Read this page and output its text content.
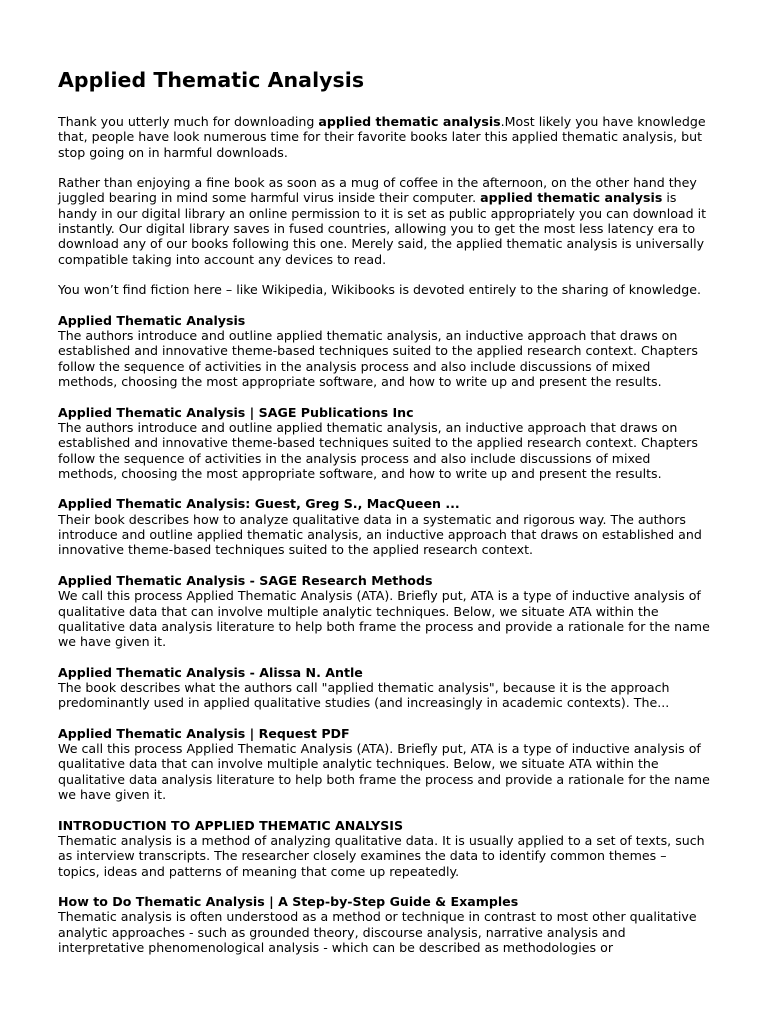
Applied Thematic Analysis

Thank you utterly much for downloading applied thematic analysis.Most likely you have knowledge that, people have look numerous time for their favorite books later this applied thematic analysis, but stop going on in harmful downloads.

Rather than enjoying a fine book as soon as a mug of coffee in the afternoon, on the other hand they juggled bearing in mind some harmful virus inside their computer. applied thematic analysis is handy in our digital library an online permission to it is set as public appropriately you can download it instantly. Our digital library saves in fused countries, allowing you to get the most less latency era to download any of our books following this one. Merely said, the applied thematic analysis is universally compatible taking into account any devices to read.

You won’t find fiction here – like Wikipedia, Wikibooks is devoted entirely to the sharing of knowledge.

Applied Thematic Analysis
The authors introduce and outline applied thematic analysis, an inductive approach that draws on established and innovative theme-based techniques suited to the applied research context. Chapters follow the sequence of activities in the analysis process and also include discussions of mixed methods, choosing the most appropriate software, and how to write up and present the results.

Applied Thematic Analysis | SAGE Publications Inc
The authors introduce and outline applied thematic analysis, an inductive approach that draws on established and innovative theme-based techniques suited to the applied research context. Chapters follow the sequence of activities in the analysis process and also include discussions of mixed methods, choosing the most appropriate software, and how to write up and present the results.

Applied Thematic Analysis: Guest, Greg S., MacQueen ...
Their book describes how to analyze qualitative data in a systematic and rigorous way. The authors introduce and outline applied thematic analysis, an inductive approach that draws on established and innovative theme-based techniques suited to the applied research context.

Applied Thematic Analysis - SAGE Research Methods
We call this process Applied Thematic Analysis (ATA). Briefly put, ATA is a type of inductive analysis of qualitative data that can involve multiple analytic techniques. Below, we situate ATA within the qualitative data analysis literature to help both frame the process and provide a rationale for the name we have given it.

Applied Thematic Analysis - Alissa N. Antle
The book describes what the authors call "applied thematic analysis", because it is the approach predominantly used in applied qualitative studies (and increasingly in academic contexts). The...

Applied Thematic Analysis | Request PDF
We call this process Applied Thematic Analysis (ATA). Briefly put, ATA is a type of inductive analysis of qualitative data that can involve multiple analytic techniques. Below, we situate ATA within the qualitative data analysis literature to help both frame the process and provide a rationale for the name we have given it.

INTRODUCTION TO APPLIED THEMATIC ANALYSIS
Thematic analysis is a method of analyzing qualitative data. It is usually applied to a set of texts, such as interview transcripts. The researcher closely examines the data to identify common themes – topics, ideas and patterns of meaning that come up repeatedly.

How to Do Thematic Analysis | A Step-by-Step Guide & Examples
Thematic analysis is often understood as a method or technique in contrast to most other qualitative analytic approaches - such as grounded theory, discourse analysis, narrative analysis and interpretative phenomenological analysis - which can be described as methodologies or
